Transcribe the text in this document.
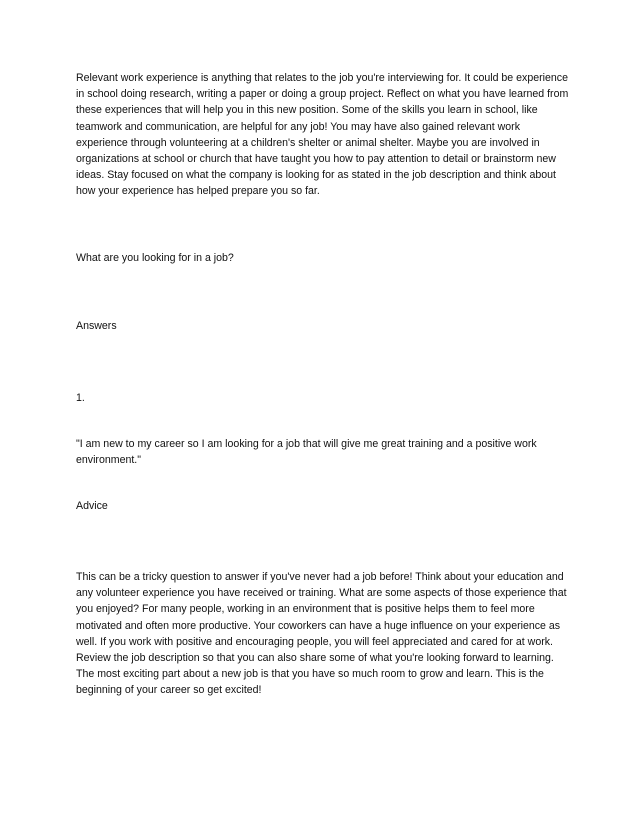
Relevant work experience is anything that relates to the job you're interviewing for. It could be experience in school doing research, writing a paper or doing a group project. Reflect on what you have learned from these experiences that will help you in this new position. Some of the skills you learn in school, like teamwork and communication, are helpful for any job! You may have also gained relevant work experience through volunteering at a children's shelter or animal shelter. Maybe you are involved in organizations at school or church that have taught you how to pay attention to detail or brainstorm new ideas. Stay focused on what the company is looking for as stated in the job description and think about how your experience has helped prepare you so far.

What are you looking for in a job?

Answers

1.

"I am new to my career so I am looking for a job that will give me great training and a positive work environment."

Advice

This can be a tricky question to answer if you've never had a job before! Think about your education and any volunteer experience you have received or training. What are some aspects of those experience that you enjoyed? For many people, working in an environment that is positive helps them to feel more motivated and often more productive. Your coworkers can have a huge influence on your experience as well. If you work with positive and encouraging people, you will feel appreciated and cared for at work. Review the job description so that you can also share some of what you're looking forward to learning. The most exciting part about a new job is that you have so much room to grow and learn. This is the beginning of your career so get excited!
